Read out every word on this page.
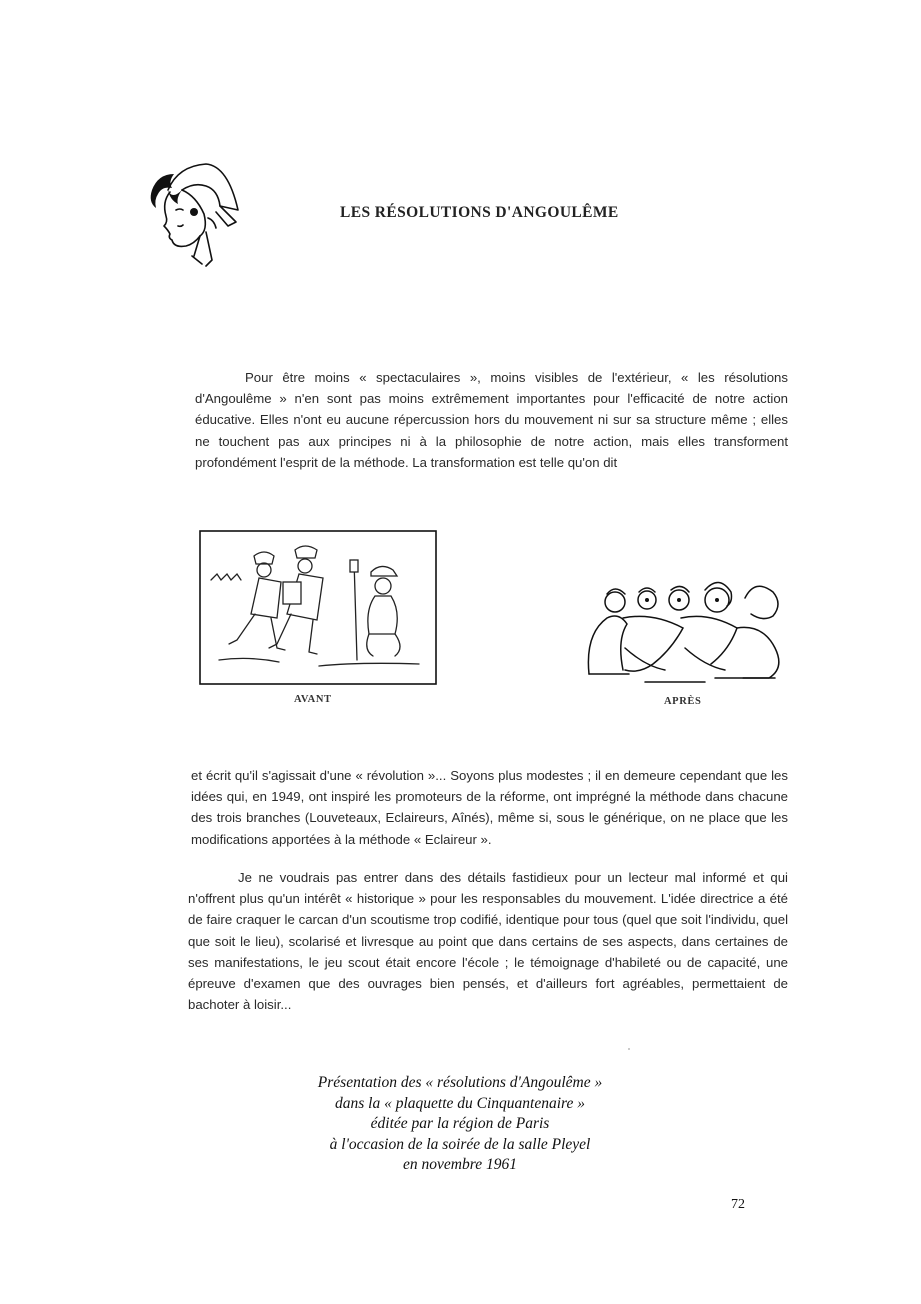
LES RÉSOLUTIONS D'ANGOULÊME

Pour être moins « spectaculaires », moins visibles de l'extérieur, « les résolutions d'Angoulême » n'en sont pas moins extrêmement importantes pour l'efficacité de notre action éducative. Elles n'ont eu aucune répercussion hors du mouvement ni sur sa structure même ; elles ne touchent pas aux principes ni à la philosophie de notre action, mais elles transforment profondément l'esprit de la méthode. La transformation est telle qu'on dit

AVANT	APRÈS

et écrit qu'il s'agissait d'une « révolution »... Soyons plus modestes ; il en demeure cependant que les idées qui, en 1949, ont inspiré les promoteurs de la réforme, ont imprégné la méthode dans chacune des trois branches (Louveteaux, Eclaireurs, Aînés), même si, sous le générique, on ne place que les modifications apportées à la méthode « Eclaireur ».

Je ne voudrais pas entrer dans des détails fastidieux pour un lecteur mal informé et qui n'offrent plus qu'un intérêt « historique » pour les responsables du mouvement. L'idée directrice a été de faire craquer le carcan d'un scoutisme trop codifié, identique pour tous (quel que soit l'individu, quel que soit le lieu), scolarisé et livresque au point que dans certains de ses aspects, dans certaines de ses manifestations, le jeu scout était encore l'école ; le témoignage d'habileté ou de capacité, une épreuve d'examen que des ouvrages bien pensés, et d'ailleurs fort agréables, permettaient de bachoter à loisir...

Présentation des « résolutions d'Angoulême »

dans la « plaquette du Cinquantenaire »

éditée par la région de Paris

à l'occasion de la soirée de la salle Pleyel

en novembre 1961

72
